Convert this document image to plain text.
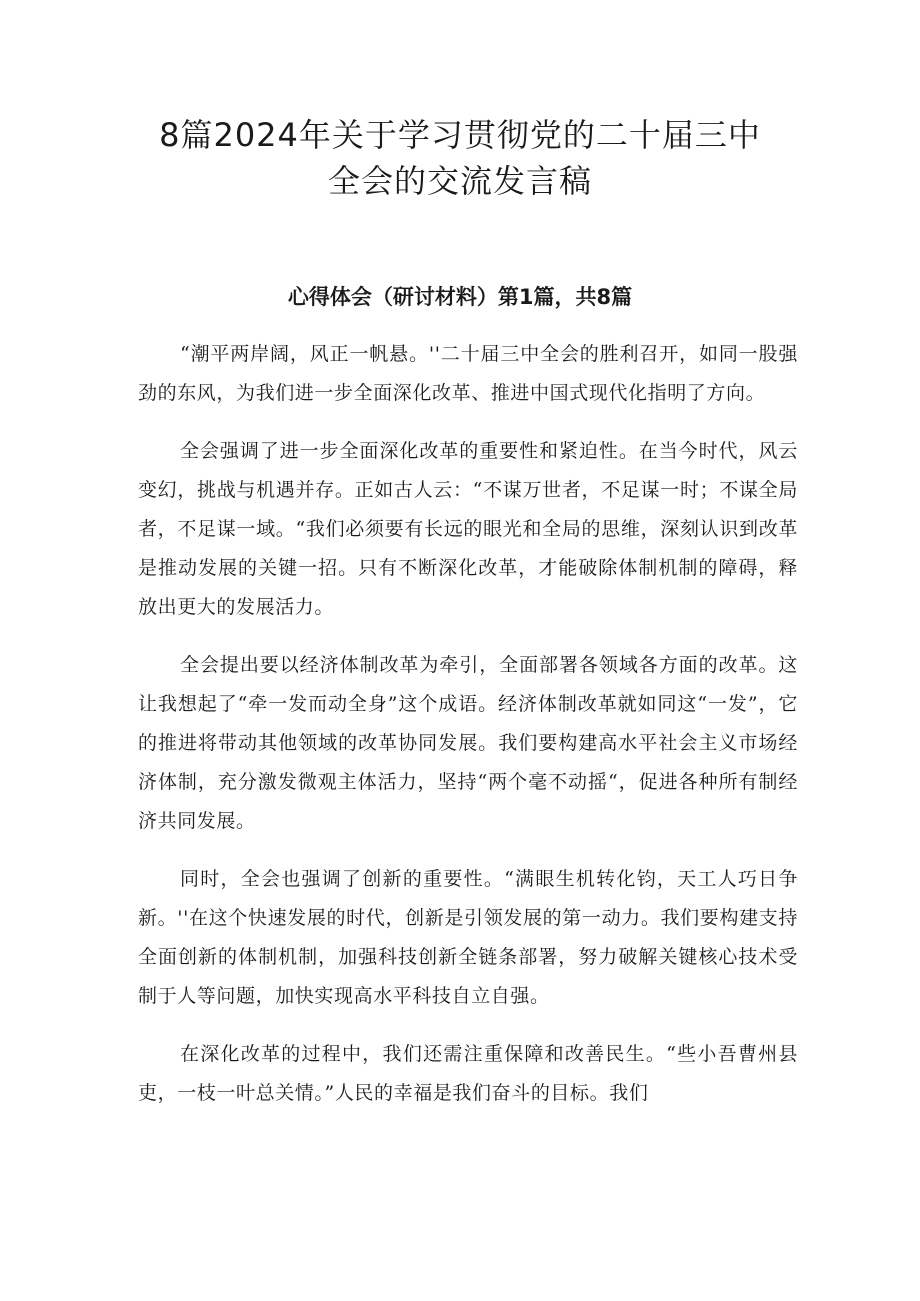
8篇2024年关于学习贯彻党的二十届三中
全会的交流发言稿
心得体会（研讨材料）第1篇，共8篇

“潮平两岸阔，风正一帆悬。''二十届三中全会的胜利召开，如同一股强劲的东风，为我们进一步全面深化改革、推进中国式现代化指明了方向。

全会强调了进一步全面深化改革的重要性和紧迫性。在当今时代，风云变幻，挑战与机遇并存。正如古人云：“不谋万世者，不足谋一时；不谋全局者，不足谋一域。“我们必须要有长远的眼光和全局的思维，深刻认识到改革是推动发展的关键一招。只有不断深化改革，才能破除体制机制的障碍，释放出更大的发展活力。

全会提出要以经济体制改革为牵引，全面部署各领域各方面的改革。这让我想起了“牵一发而动全身”这个成语。经济体制改革就如同这“一发”，它的推进将带动其他领域的改革协同发展。我们要构建高水平社会主义市场经济体制，充分激发微观主体活力，坚持“两个毫不动摇“，促进各种所有制经济共同发展。

同时，全会也强调了创新的重要性。“满眼生机转化钧，天工人巧日争新。''在这个快速发展的时代，创新是引领发展的第一动力。我们要构建支持全面创新的体制机制，加强科技创新全链条部署，努力破解关键核心技术受制于人等问题，加快实现高水平科技自立自强。

在深化改革的过程中，我们还需注重保障和改善民生。“些小吾曹州县吏，一枝一叶总关情。”人民的幸福是我们奋斗的目标。我们
